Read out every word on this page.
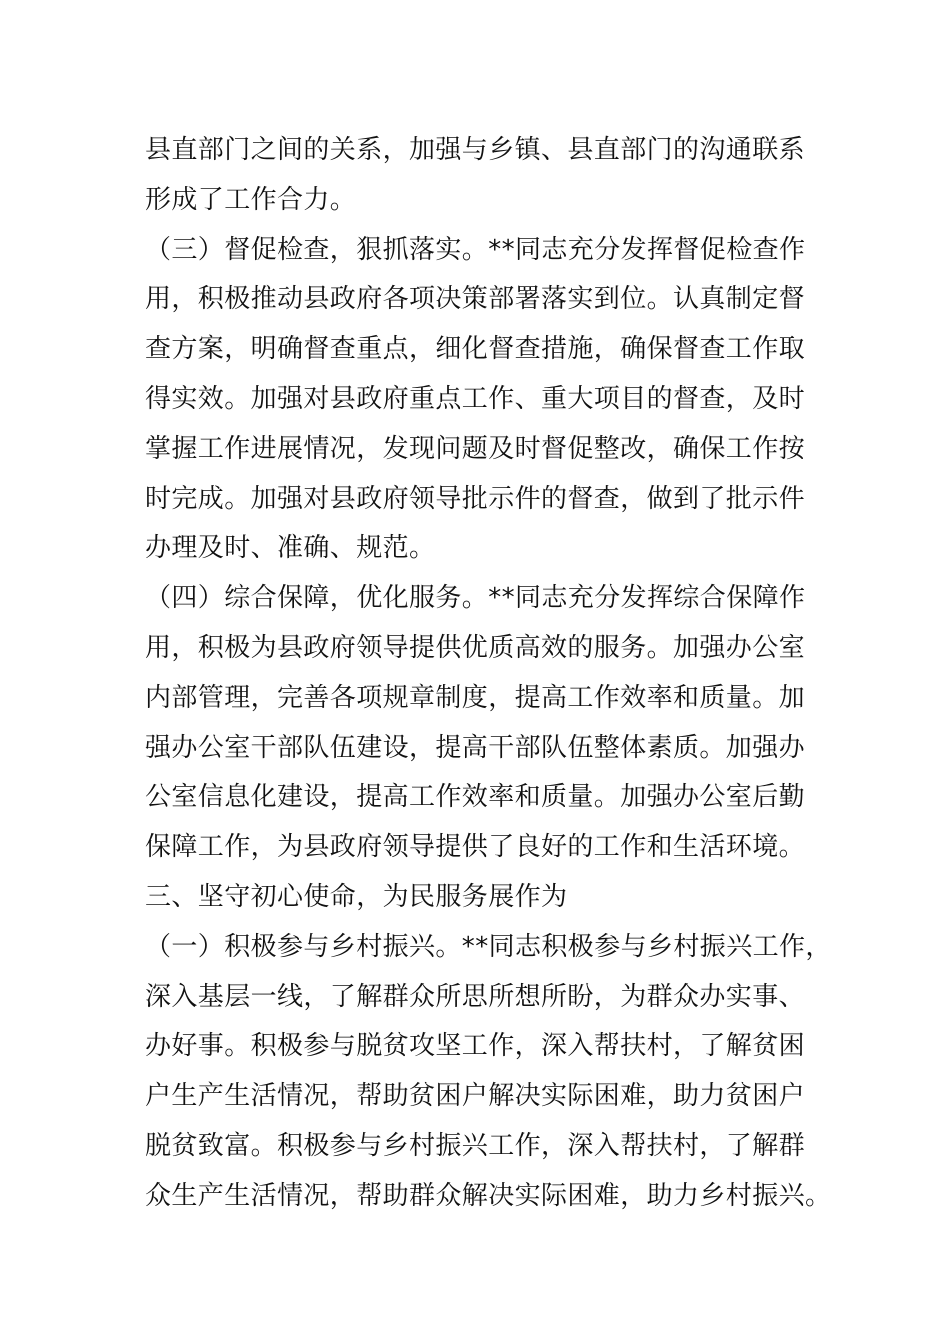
县直部门之间的关系，加强与乡镇、县直部门的沟通联系
形成了工作合力。
（三）督促检查，狠抓落实。**同志充分发挥督促检查作
用，积极推动县政府各项决策部署落实到位。认真制定督
查方案，明确督查重点，细化督查措施，确保督查工作取
得实效。加强对县政府重点工作、重大项目的督查，及时
掌握工作进展情况，发现问题及时督促整改，确保工作按
时完成。加强对县政府领导批示件的督查，做到了批示件
办理及时、准确、规范。
（四）综合保障，优化服务。**同志充分发挥综合保障作
用，积极为县政府领导提供优质高效的服务。加强办公室
内部管理，完善各项规章制度，提高工作效率和质量。加
强办公室干部队伍建设，提高干部队伍整体素质。加强办
公室信息化建设，提高工作效率和质量。加强办公室后勤
保障工作，为县政府领导提供了良好的工作和生活环境。
三、坚守初心使命，为民服务展作为
（一）积极参与乡村振兴。**同志积极参与乡村振兴工作，
深入基层一线，了解群众所思所想所盼，为群众办实事、
办好事。积极参与脱贫攻坚工作，深入帮扶村，了解贫困
户生产生活情况，帮助贫困户解决实际困难，助力贫困户
脱贫致富。积极参与乡村振兴工作，深入帮扶村，了解群
众生产生活情况，帮助群众解决实际困难，助力乡村振兴。
